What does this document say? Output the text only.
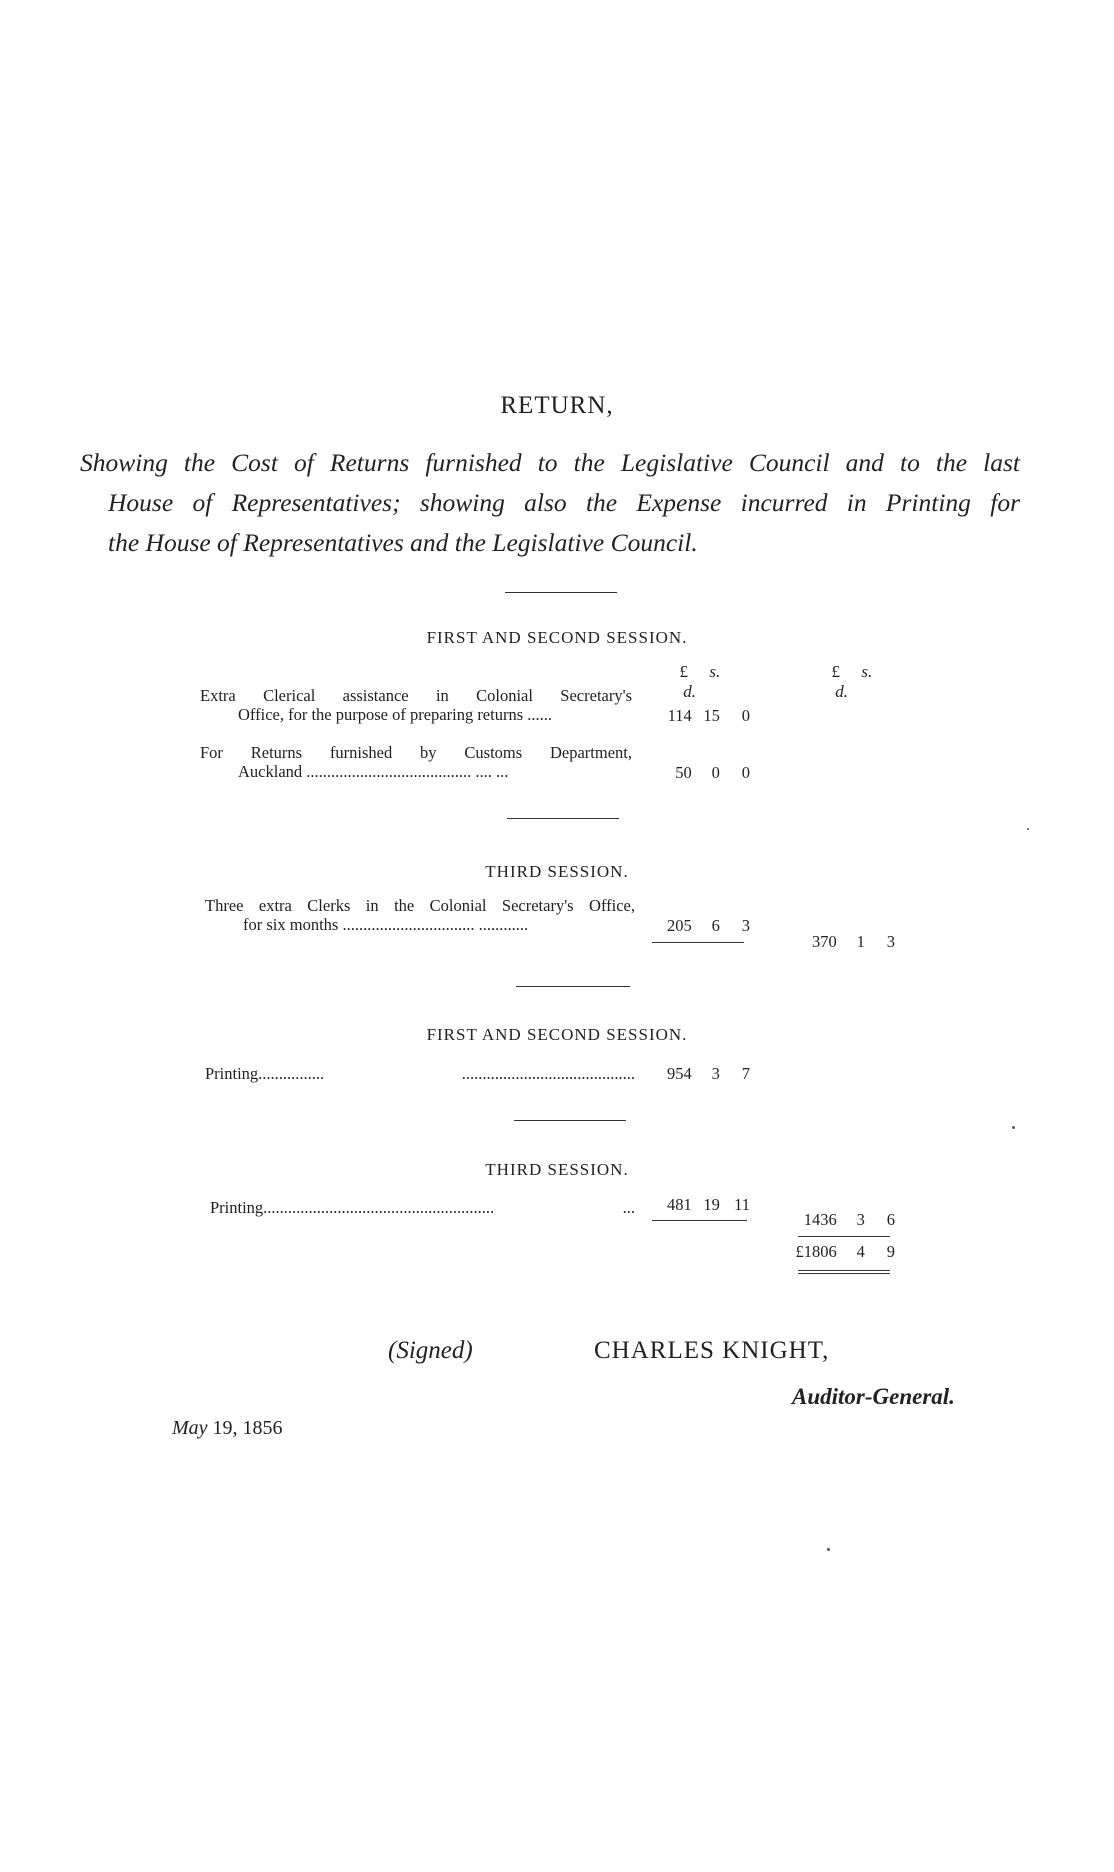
RETURN,
Showing the Cost of Returns furnished to the Legislative Council and to the last
House of Representatives; showing also the Expense incurred in Printing for
the House of Representatives and the Legislative Council.
FIRST AND SECOND SESSION.
£ s. d.
£ s. d.
Extra Clerical assistance in Colonial Secretary's
Office, for the purpose of preparing returns ......	114 15 0
For Returns furnished by Customs Department,
Auckland ........................................ .... ...	50 0 0
THIRD SESSION.
Three extra Clerks in the Colonial Secretary's Office,
for six months ................................ ............	205 6 3
370 1 3
FIRST AND SECOND SESSION.
Printing................ ..........................................	954 3 7
THIRD SESSION.
Printing........................................................ ...	481 19 11
1436 3 6
£1806 4 9
(Signed)	CHARLES KNIGHT,
Auditor-General.
May 19, 1856
